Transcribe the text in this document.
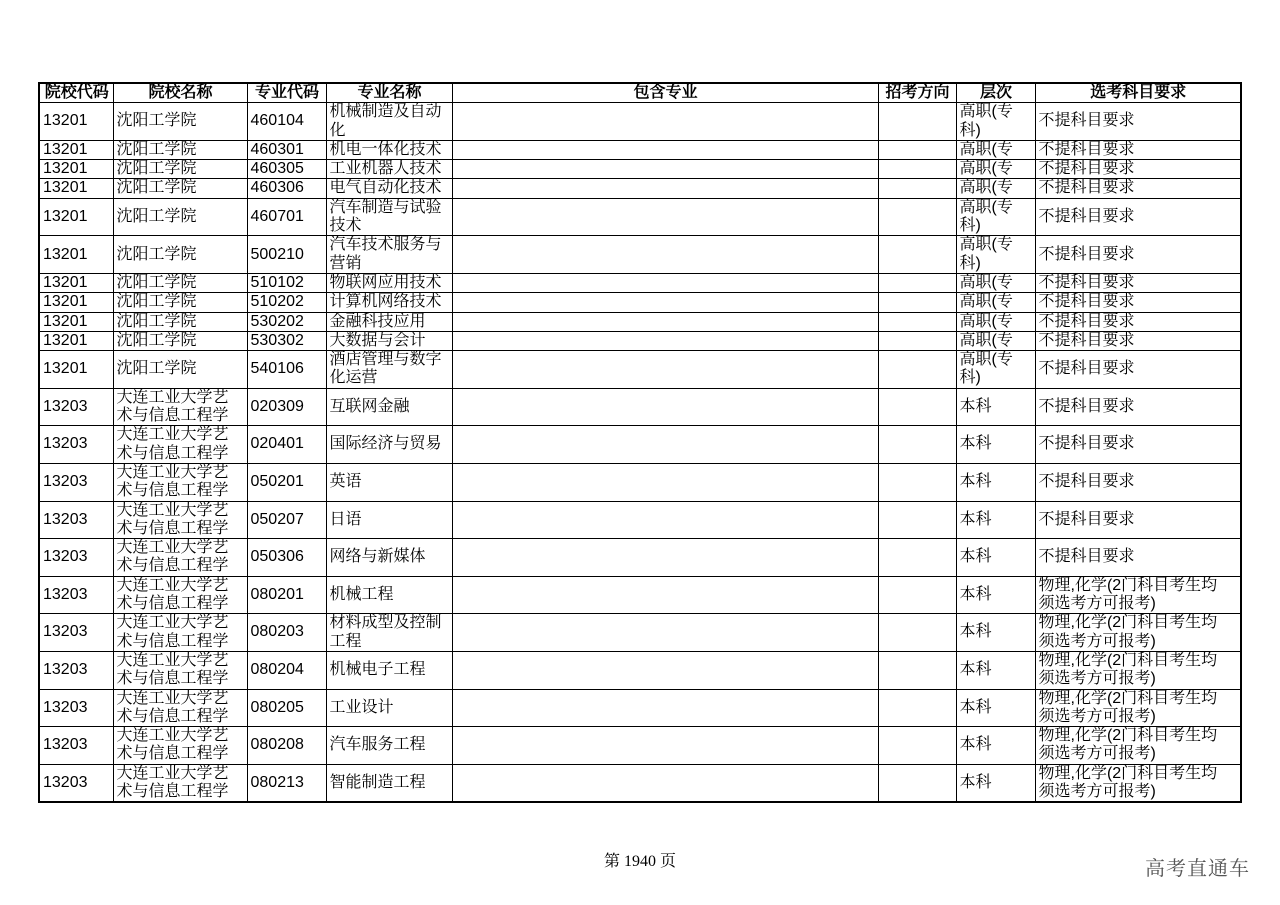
院校代码	院校名称	专业代码	专业名称	包含专业	招考方向	层次	选考科目要求

13201	沈阳工学院	460104	机械制造及自动化			高职(专科)	不提科目要求

13201	沈阳工学院	460301	机电一体化技术			高职(专	不提科目要求

13201	沈阳工学院	460305	工业机器人技术			高职(专	不提科目要求

13201	沈阳工学院	460306	电气自动化技术			高职(专	不提科目要求

13201	沈阳工学院	460701	汽车制造与试验技术			高职(专科)	不提科目要求

13201	沈阳工学院	500210	汽车技术服务与营销			高职(专科)	不提科目要求

13201	沈阳工学院	510102	物联网应用技术			高职(专	不提科目要求

13201	沈阳工学院	510202	计算机网络技术			高职(专	不提科目要求

13201	沈阳工学院	530202	金融科技应用			高职(专	不提科目要求

13201	沈阳工学院	530302	大数据与会计			高职(专	不提科目要求

13201	沈阳工学院	540106	酒店管理与数字化运营			高职(专科)	不提科目要求

13203	大连工业大学艺术与信息工程学	020309	互联网金融			本科	不提科目要求

13203	大连工业大学艺术与信息工程学	020401	国际经济与贸易			本科	不提科目要求

13203	大连工业大学艺术与信息工程学	050201	英语			本科	不提科目要求

13203	大连工业大学艺术与信息工程学	050207	日语			本科	不提科目要求

13203	大连工业大学艺术与信息工程学	050306	网络与新媒体			本科	不提科目要求

13203	大连工业大学艺术与信息工程学	080201	机械工程			本科	物理,化学(2门科目考生均须选考方可报考)

13203	大连工业大学艺术与信息工程学	080203	材料成型及控制工程			本科	物理,化学(2门科目考生均须选考方可报考)

13203	大连工业大学艺术与信息工程学	080204	机械电子工程			本科	物理,化学(2门科目考生均须选考方可报考)

13203	大连工业大学艺术与信息工程学	080205	工业设计			本科	物理,化学(2门科目考生均须选考方可报考)

13203	大连工业大学艺术与信息工程学	080208	汽车服务工程			本科	物理,化学(2门科目考生均须选考方可报考)

13203	大连工业大学艺术与信息工程学	080213	智能制造工程			本科	物理,化学(2门科目考生均须选考方可报考)
第 1940 页	高考直通车
